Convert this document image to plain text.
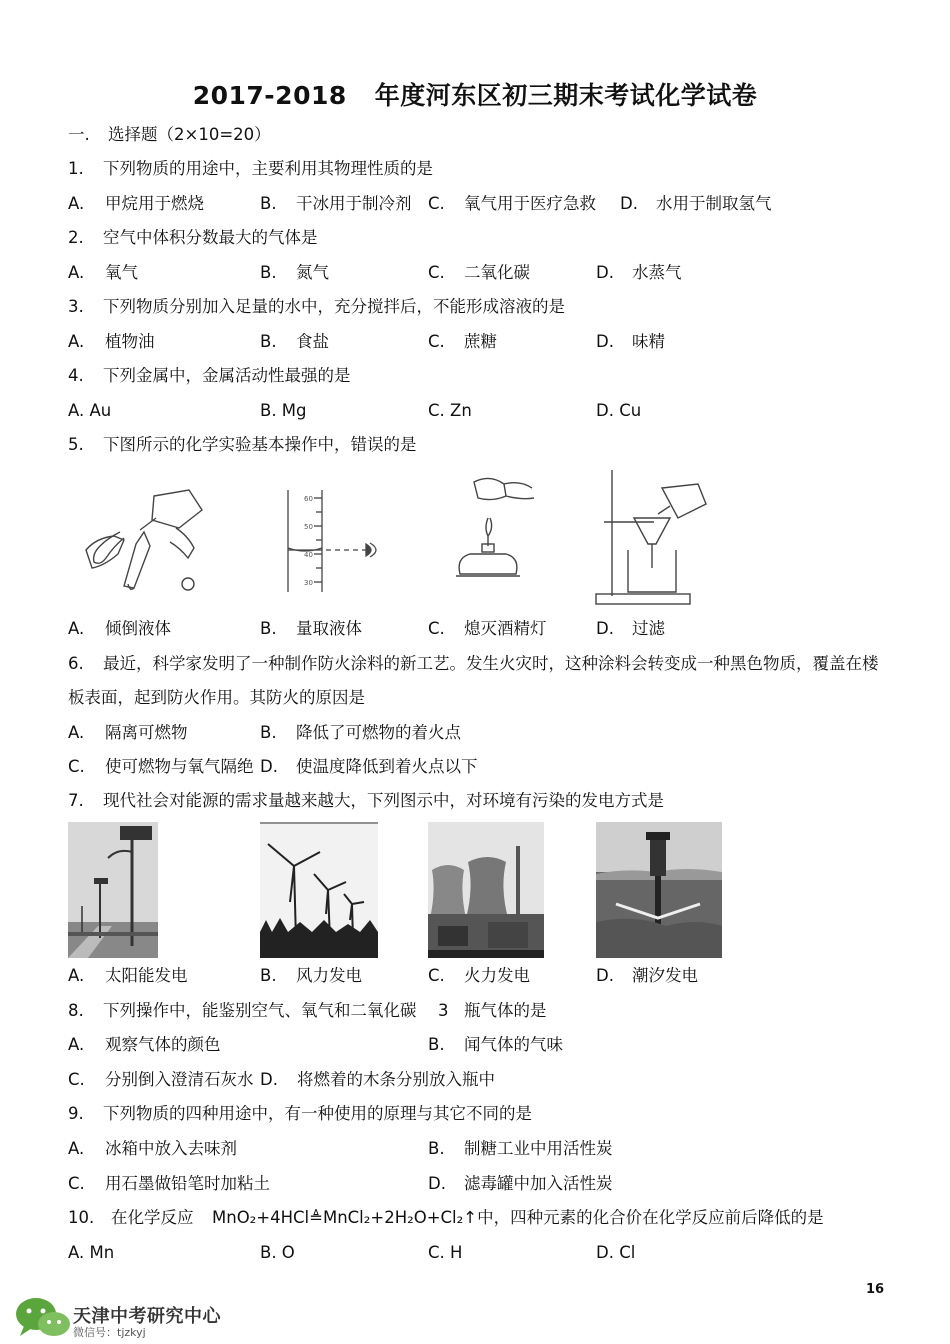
2017-2018 年度河东区初三期末考试化学试卷
一. 选择题（2×10=20）
1. 下列物质的用途中，主要利用其物理性质的是
A. 甲烷用于燃烧	B. 干冰用于制冷剂 C. 氧气用于医疗急救 D. 水用于制取氢气
2. 空气中体积分数最大的气体是
A. 氧气	B. 氮气	C. 二氧化碳	D. 水蒸气
3. 下列物质分别加入足量的水中，充分搅拌后，不能形成溶液的是
A. 植物油	B. 食盐	C. 蔗糖	D. 味精
4. 下列金属中，金属活动性最强的是
A. Au	B. Mg	C. Zn	D. Cu
5. 下图所示的化学实验基本操作中，错误的是
60
50
40
30
A. 倾倒液体	B. 量取液体	C. 熄灭酒精灯	D. 过滤
6. 最近，科学家发明了一种制作防火涂料的新工艺。发生火灾时，这种涂料会转变成一种黑色物质，覆盖在楼
板表面，起到防火作用。其防火的原因是
A. 隔离可燃物	B. 降低了可燃物的着火点
C. 使可燃物与氧气隔绝 D. 使温度降低到着火点以下
7. 现代社会对能源的需求量越来越大，下列图示中，对环境有污染的发电方式是
A. 太阳能发电	B. 风力发电	C. 火力发电	D. 潮汐发电
8. 下列操作中，能鉴别空气、氧气和二氧化碳 3 瓶气体的是
A. 观察气体的颜色	B. 闻气体的气味
C. 分别倒入澄清石灰水 D. 将燃着的木条分别放入瓶中
9. 下列物质的四种用途中，有一种使用的原理与其它不同的是
A. 冰箱中放入去味剂	B. 制糖工业中用活性炭
C. 用石墨做铅笔时加粘土	D. 滤毒罐中加入活性炭
10. 在化学反应 MnO₂+4HCl≜MnCl₂+2H₂O+Cl₂↑中，四种元素的化合价在化学反应前后降低的是
A. Mn	B. O	C. H	D. Cl
16
天津中考研究中心
微信号：tjzkyj
